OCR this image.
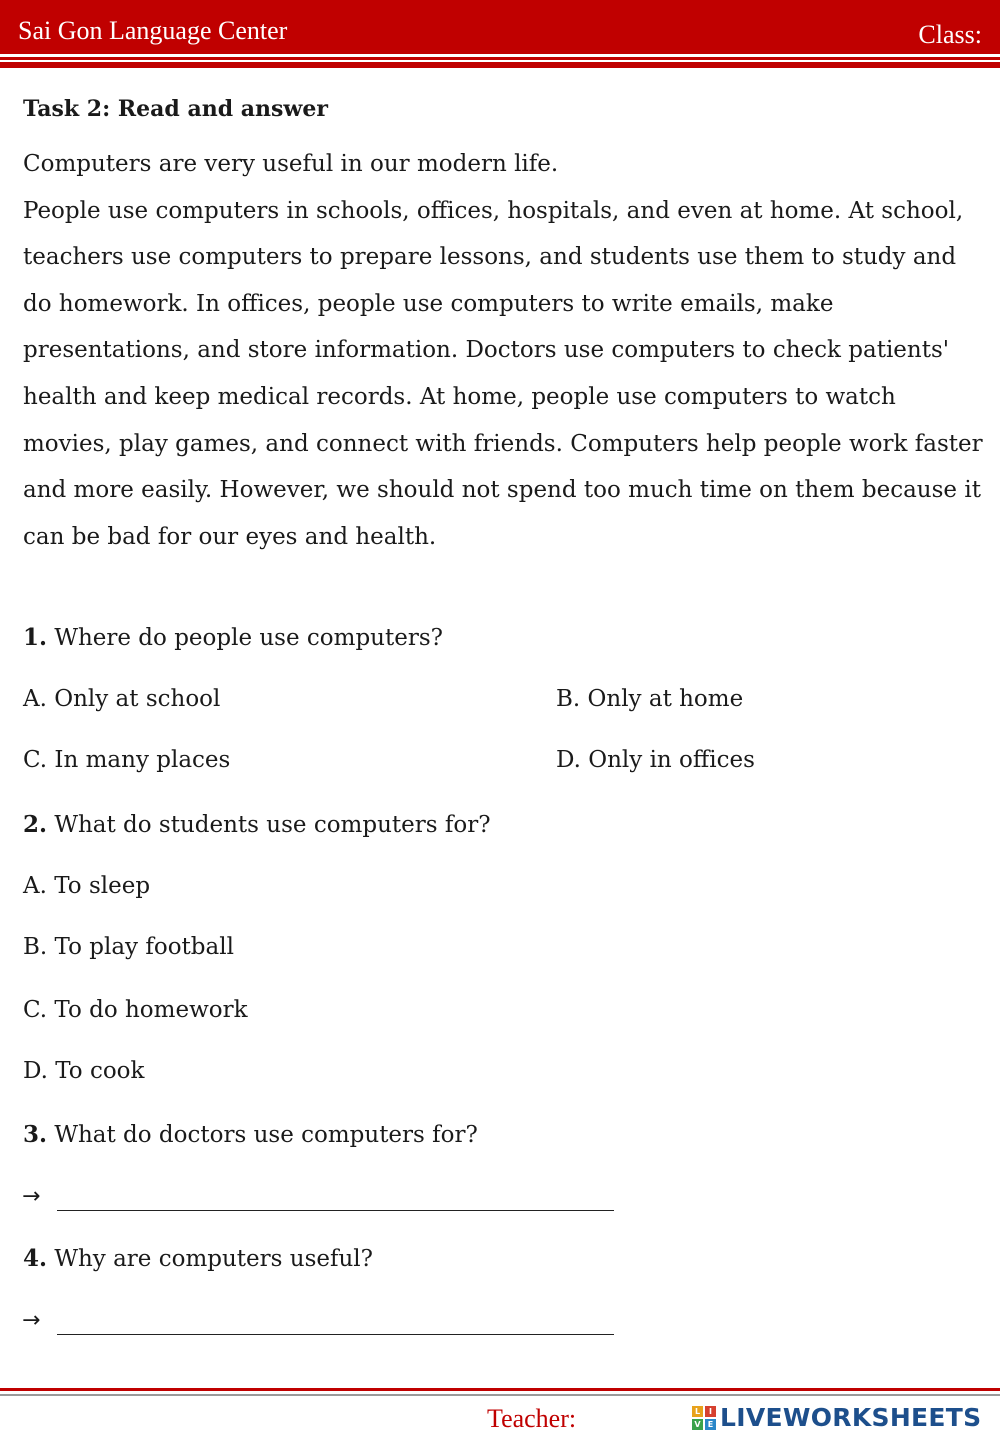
Sai Gon Language Center	Class:
Task 2: Read and answer

Computers are very useful in our modern life.

People use computers in schools, offices, hospitals, and even at home. At school, teachers use computers to prepare lessons, and students use them to study and do homework. In offices, people use computers to write emails, make presentations, and store information. Doctors use computers to check patients' health and keep medical records. At home, people use computers to watch movies, play games, and connect with friends. Computers help people work faster and more easily. However, we should not spend too much time on them because it can be bad for our eyes and health.

1. Where do people use computers?
A. Only at school	B. Only at home
C. In many places	D. Only in offices
2. What do students use computers for?
A. To sleep
B. To play football
C. To do homework
D. To cook
3. What do doctors use computers for?
→
4. Why are computers useful?
→
Teacher:	L	I
V E LIVEWORKSHEETS
